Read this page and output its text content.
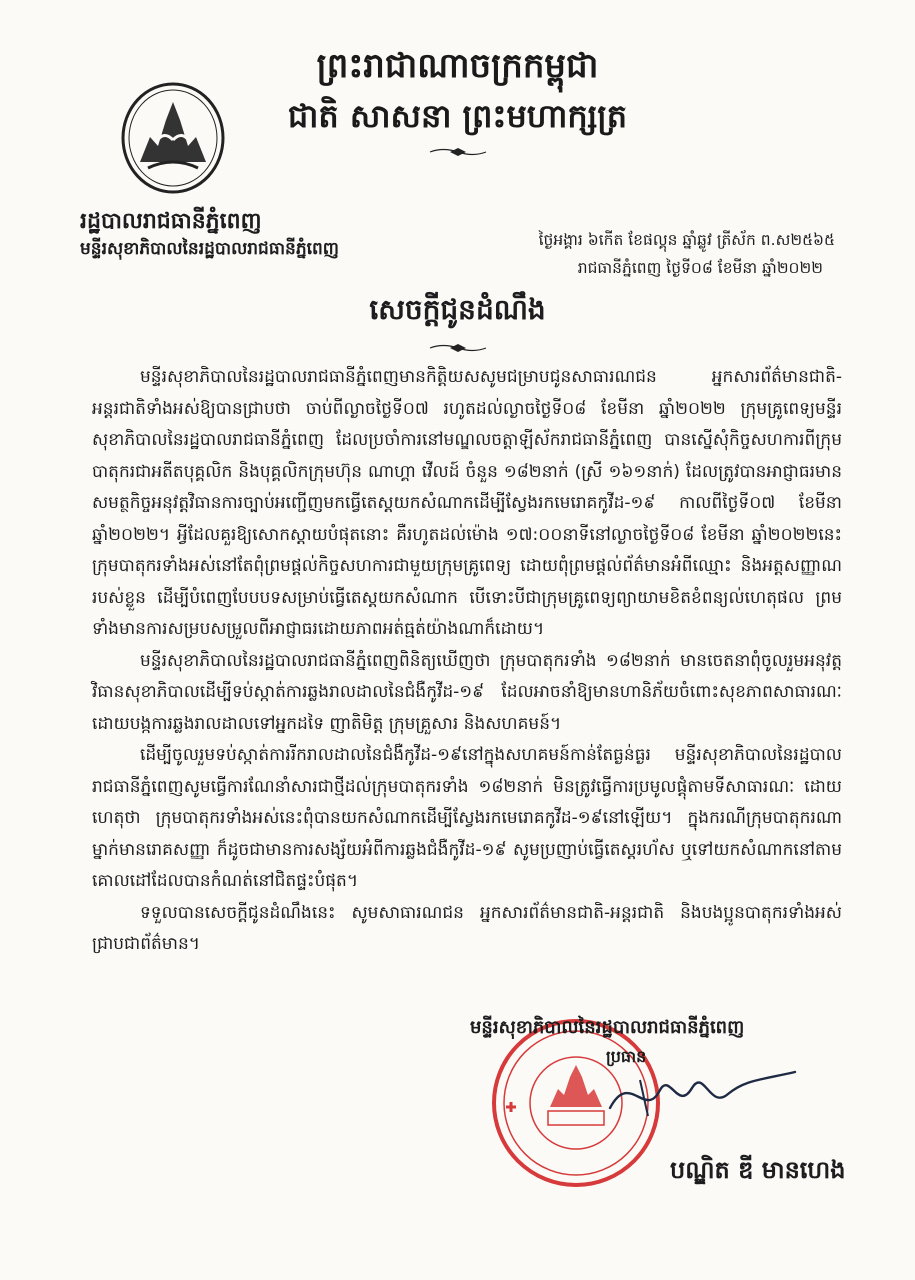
ព្រះរាជាណាចក្រកម្ពុជា
ជាតិ សាសនា ព្រះមហាក្សត្រ
រដ្ឋបាលរាជធានីភ្នំពេញ
មន្ទីរសុខាភិបាលនៃរដ្ឋបាលរាជធានីភ្នំពេញ	ថ្ងៃអង្គារ ៦កើត ខែផល្គុន ឆ្នាំឆ្លូវ ត្រីស័ក ព.ស២៥៦៥
រាជធានីភ្នំពេញ ថ្ងៃទី០៨ ខែមីនា ឆ្នាំ២០២២
សេចក្តីជូនដំណឹង

មន្ទីរសុខាភិបាលនៃរដ្ឋបាលរាជធានីភ្នំពេញមានកិត្តិយសសូមជម្រាបជូនសាធារណជន អ្នកសារព័ត៌មានជាតិ-អន្តរជាតិទាំងអស់ឱ្យបានជ្រាបថា ចាប់ពីល្ងាចថ្ងៃទី០៧ រហូតដល់ល្ងាចថ្ងៃទី០៨ ខែមីនា ឆ្នាំ២០២២ ក្រុមគ្រូពេទ្យមន្ទីរសុខាភិបាលនៃរដ្ឋបាលរាជធានីភ្នំពេញ ដែលប្រចាំការនៅមណ្ឌលចត្តាឡីស័ករាជធានីភ្នំពេញ បានស្នើសុំកិច្ចសហការពីក្រុមបាតុករជាអតីតបុគ្គលិក និងបុគ្គលិកក្រុមហ៊ុន ណាហ្គា វើលដ៍ ចំនួន ១៨២នាក់ (ស្រី ១៦១នាក់) ដែលត្រូវបានអាជ្ញាធរមានសមត្ថកិច្ចអនុវត្តវិធានការច្បាប់អញ្ជើញមកធ្វើតេស្តយកសំណាកដើម្បីស្វែងរកមេរោគកូវីដ-១៩ កាលពីថ្ងៃទី០៧ ខែមីនា ឆ្នាំ២០២២។ អ្វីដែលគួរឱ្យសោកស្តាយបំផុតនោះ គឺរហូតដល់ម៉ោង ១៧:០០នាទីនៅល្ងាចថ្ងៃទី០៨ ខែមីនា ឆ្នាំ២០២២នេះ ក្រុមបាតុករទាំងអស់នៅតែពុំព្រមផ្តល់កិច្ចសហការជាមួយក្រុមគ្រូពេទ្យ ដោយពុំព្រមផ្តល់ព័ត៌មានអំពីឈ្មោះ និងអត្តសញ្ញាណរបស់ខ្លួន ដើម្បីបំពេញបែបបទសម្រាប់ធ្វើតេស្តយកសំណាក បើទោះបីជាក្រុមគ្រូពេទ្យព្យាយាមខិតខំពន្យល់ហេតុផល ព្រមទាំងមានការសម្របសម្រួលពីអាជ្ញាធរដោយភាពអត់ធ្មត់យ៉ាងណាក៏ដោយ។

មន្ទីរសុខាភិបាលនៃរដ្ឋបាលរាជធានីភ្នំពេញពិនិត្យឃើញថា ក្រុមបាតុករទាំង ១៨២នាក់ មានចេតនាពុំចូលរួមអនុវត្តវិធានសុខាភិបាលដើម្បីទប់ស្កាត់ការឆ្លងរាលដាលនៃជំងឺកូវីដ-១៩ ដែលអាចនាំឱ្យមានហានិភ័យចំពោះសុខភាពសាធារណៈ ដោយបង្កការឆ្លងរាលដាលទៅអ្នកដទៃ ញាតិមិត្ត ក្រុមគ្រួសារ និងសហគមន៍។

ដើម្បីចូលរួមទប់ស្កាត់ការរីករាលដាលនៃជំងឺកូវីដ-១៩នៅក្នុងសហគមន៍កាន់តែធ្ងន់ធ្ងរ មន្ទីរសុខាភិបាលនៃរដ្ឋបាលរាជធានីភ្នំពេញសូមធ្វើការណែនាំសារជាថ្មីដល់ក្រុមបាតុករទាំង ១៨២នាក់ មិនត្រូវធ្វើការប្រមូលផ្តុំតាមទីសាធារណៈ ដោយហេតុថា ក្រុមបាតុករទាំងអស់នេះពុំបានយកសំណាកដើម្បីស្វែងរកមេរោគកូវីដ-១៩នៅឡើយ។ ក្នុងករណីក្រុមបាតុករណាម្នាក់មានរោគសញ្ញា ក៏ដូចជាមានការសង្ស័យអំពីការឆ្លងជំងឺកូវីដ-១៩ សូមប្រញាប់ធ្វើតេស្តរហ័ស ឬទៅយកសំណាកនៅតាមគោលដៅដែលបានកំណត់នៅជិតផ្ទះបំផុត។

ទទួលបានសេចក្តីជូនដំណឹងនេះ សូមសាធារណជន អ្នកសារព័ត៌មានជាតិ-អន្តរជាតិ និងបងប្អូនបាតុករទាំងអស់ ជ្រាបជាព័ត៌មាន។

មន្ទីរសុខាភិបាលនៃរដ្ឋបាលរាជធានីភ្នំពេញ
ប្រធាន
បណ្ឌិត ឌី មានហេង
